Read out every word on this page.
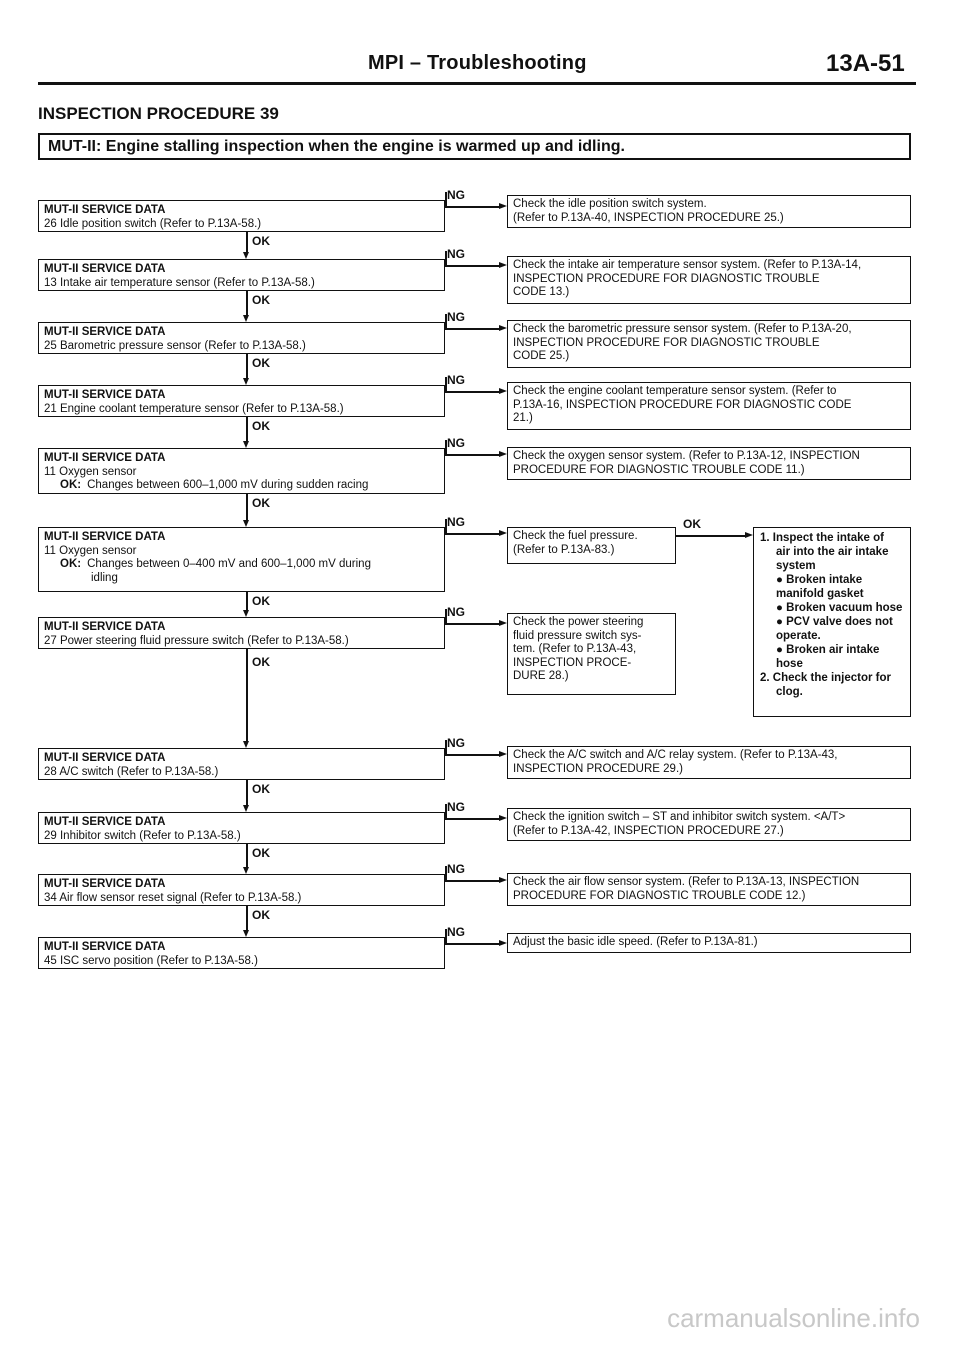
MPI – Troubleshooting	13A-51
INSPECTION PROCEDURE 39
MUT-II: Engine stalling inspection when the engine is warmed up and idling.
MUT-II SERVICE DATA
26 Idle position switch (Refer to P.13A-58.)
NG
Check the idle position switch system.
(Refer to P.13A-40, INSPECTION PROCEDURE 25.)
OK
MUT-II SERVICE DATA
13 Intake air temperature sensor (Refer to P.13A-58.)
NG
Check the intake air temperature sensor system. (Refer to P.13A-14,
INSPECTION PROCEDURE FOR DIAGNOSTIC TROUBLE
CODE 13.)
OK
MUT-II SERVICE DATA
25 Barometric pressure sensor (Refer to P.13A-58.)
NG
Check the barometric pressure sensor system. (Refer to P.13A-20,
INSPECTION PROCEDURE FOR DIAGNOSTIC TROUBLE
CODE 25.)
OK
MUT-II SERVICE DATA
21 Engine coolant temperature sensor (Refer to P.13A-58.)
NG
Check the engine coolant temperature sensor system. (Refer to
P.13A-16, INSPECTION PROCEDURE FOR DIAGNOSTIC CODE
21.)
OK
MUT-II SERVICE DATA
11 Oxygen sensor
OK: Changes between 600–1,000 mV during sudden racing
NG
Check the oxygen sensor system. (Refer to P.13A-12, INSPECTION
PROCEDURE FOR DIAGNOSTIC TROUBLE CODE 11.)
OK
MUT-II SERVICE DATA
11 Oxygen sensor
OK: Changes between 0–400 mV and 600–1,000 mV during
idling
NG
Check the fuel pressure.
(Refer to P.13A-83.)
OK
MUT-II SERVICE DATA
27 Power steering fluid pressure switch (Refer to P.13A-58.)
NG
Check the power steering
fluid pressure switch sys-
tem. (Refer to P.13A-43,
INSPECTION PROCE-
DURE 28.)
OK
MUT-II SERVICE DATA
28 A/C switch (Refer to P.13A-58.)
NG
Check the A/C switch and A/C relay system. (Refer to P.13A-43,
INSPECTION PROCEDURE 29.)
OK
MUT-II SERVICE DATA
29 Inhibitor switch (Refer to P.13A-58.)
NG
Check the ignition switch – ST and inhibitor switch system. <A/T>
(Refer to P.13A-42, INSPECTION PROCEDURE 27.)
OK
MUT-II SERVICE DATA
34 Air flow sensor reset signal (Refer to P.13A-58.)
NG
Check the air flow sensor system. (Refer to P.13A-13, INSPECTION
PROCEDURE FOR DIAGNOSTIC TROUBLE CODE 12.)
OK
MUT-II SERVICE DATA
45 ISC servo position (Refer to P.13A-58.)
NG
Adjust the basic idle speed. (Refer to P.13A-81.)
OK
1. Inspect the intake of
air into the air intake
system
● Broken intake manifold gasket
● Broken vacuum hose
● PCV valve does not operate.
● Broken air intake hose
2. Check the injector for
clog.
carmanualsonline.info
